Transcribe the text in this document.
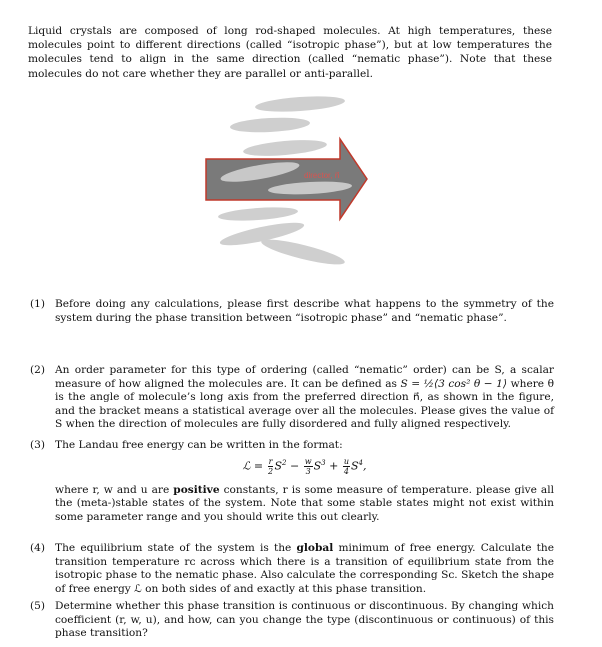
Liquid crystals are composed of long rod-shaped molecules. At high temperatures, these molecules point to different directions (called “isotropic phase”), but at low temperatures the molecules tend to align in the same direction (called “nematic phase”). Note that these molecules do not care whether they are parallel or anti-parallel.
director, n⃗
(1) Before doing any calculations, please first describe what happens to the symmetry of the system during the phase transition between “isotropic phase” and “nematic phase”.
(2) An order parameter for this type of ordering (called “nematic” order) can be S, a scalar measure of how aligned the molecules are. It can be defined as S = ½⟨3 cos² θ − 1⟩ where θ is the angle of molecule’s long axis from the preferred direction n⃗, as shown in the figure, and the bracket means a statistical average over all the molecules. Please gives the value of S when the direction of molecules are fully disordered and fully aligned respectively.
(3) The Landau free energy can be written in the format:
ℒ = $\frac{r}{2} S^2 - \frac{w}{3} S^3 + \frac{u}{4} S^4$,
where r, w and u are positive constants, r is some measure of temperature. please give all the (meta-)stable states of the system. Note that some stable states might not exist within some parameter range and you should write this out clearly.
(4) The equilibrium state of the system is the global minimum of free energy. Calculate the transition temperature rᴄ across which there is a transition of equilibrium state from the isotropic phase to the nematic phase. Also calculate the corresponding Sᴄ. Sketch the shape of free energy ℒ on both sides of and exactly at this phase transition.
(5) Determine whether this phase transition is continuous or discontinuous. By changing which coefficient (r, w, u), and how, can you change the type (discontinuous or continuous) of this phase transition?
